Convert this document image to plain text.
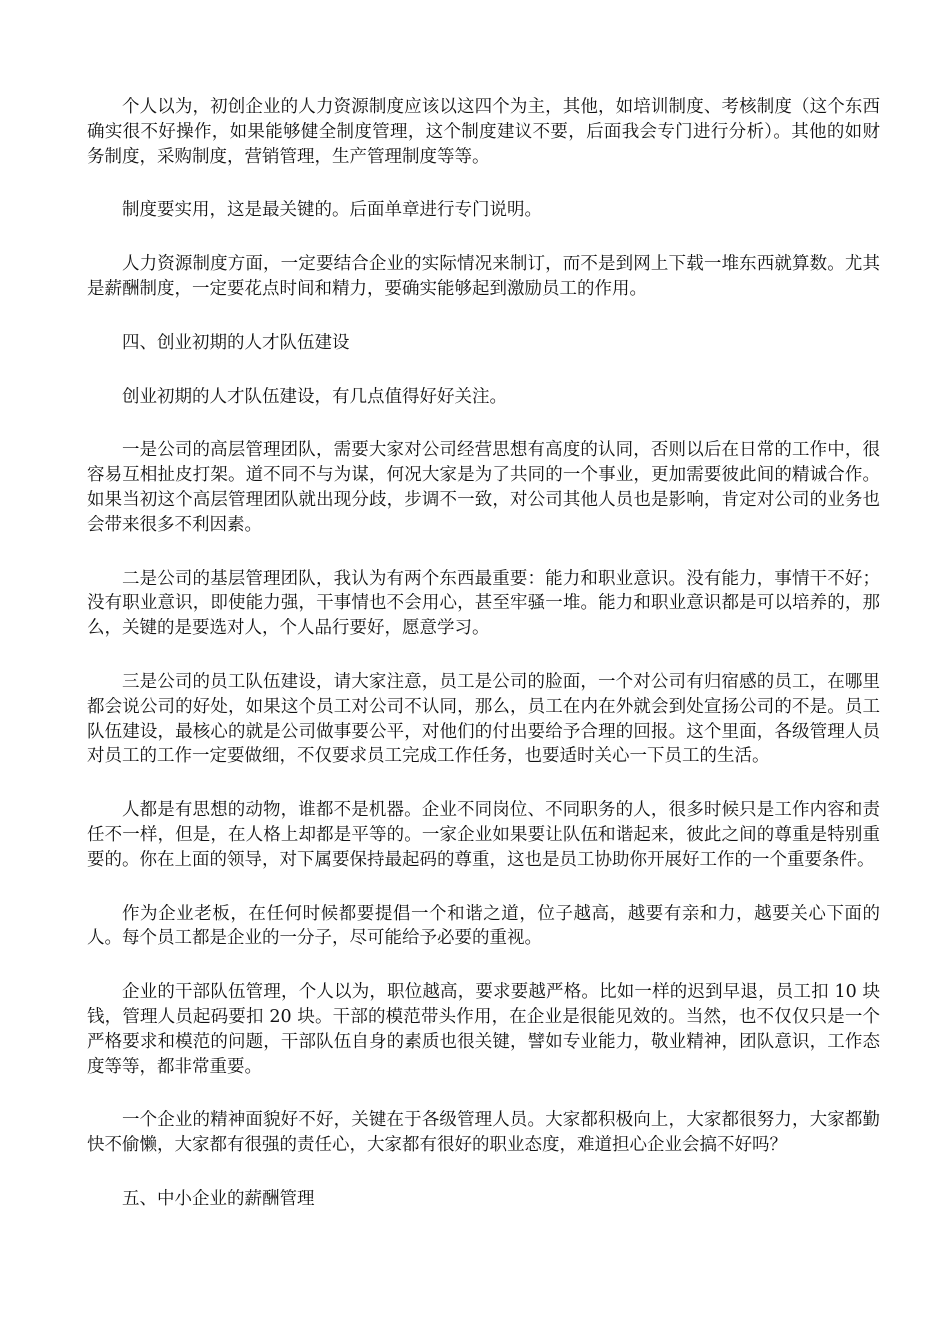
个人以为，初创企业的人力资源制度应该以这四个为主，其他，如培训制度、考核制度（这个东西确实很不好操作，如果能够健全制度管理，这个制度建议不要，后面我会专门进行分析）。其他的如财务制度，采购制度，营销管理，生产管理制度等等。

制度要实用，这是最关键的。后面单章进行专门说明。

人力资源制度方面，一定要结合企业的实际情况来制订，而不是到网上下载一堆东西就算数。尤其是薪酬制度，一定要花点时间和精力，要确实能够起到激励员工的作用。

四、创业初期的人才队伍建设

创业初期的人才队伍建设，有几点值得好好关注。

一是公司的高层管理团队，需要大家对公司经营思想有高度的认同，否则以后在日常的工作中，很容易互相扯皮打架。道不同不与为谋，何况大家是为了共同的一个事业，更加需要彼此间的精诚合作。如果当初这个高层管理团队就出现分歧，步调不一致，对公司其他人员也是影响，肯定对公司的业务也会带来很多不利因素。

二是公司的基层管理团队，我认为有两个东西最重要：能力和职业意识。没有能力，事情干不好；没有职业意识，即使能力强，干事情也不会用心，甚至牢骚一堆。能力和职业意识都是可以培养的，那么，关键的是要选对人，个人品行要好，愿意学习。

三是公司的员工队伍建设，请大家注意，员工是公司的脸面，一个对公司有归宿感的员工，在哪里都会说公司的好处，如果这个员工对公司不认同，那么，员工在内在外就会到处宣扬公司的不是。员工队伍建设，最核心的就是公司做事要公平，对他们的付出要给予合理的回报。这个里面，各级管理人员对员工的工作一定要做细，不仅要求员工完成工作任务，也要适时关心一下员工的生活。

人都是有思想的动物，谁都不是机器。企业不同岗位、不同职务的人，很多时候只是工作内容和责任不一样，但是，在人格上却都是平等的。一家企业如果要让队伍和谐起来，彼此之间的尊重是特别重要的。你在上面的领导，对下属要保持最起码的尊重，这也是员工协助你开展好工作的一个重要条件。

作为企业老板，在任何时候都要提倡一个和谐之道，位子越高，越要有亲和力，越要关心下面的人。每个员工都是企业的一分子，尽可能给予必要的重视。

企业的干部队伍管理，个人以为，职位越高，要求要越严格。比如一样的迟到早退，员工扣 10 块钱，管理人员起码要扣 20 块。干部的模范带头作用，在企业是很能见效的。当然，也不仅仅只是一个严格要求和模范的问题，干部队伍自身的素质也很关键，譬如专业能力，敬业精神，团队意识，工作态度等等，都非常重要。

一个企业的精神面貌好不好，关键在于各级管理人员。大家都积极向上，大家都很努力，大家都勤快不偷懒，大家都有很强的责任心，大家都有很好的职业态度，难道担心企业会搞不好吗？

五、中小企业的薪酬管理
